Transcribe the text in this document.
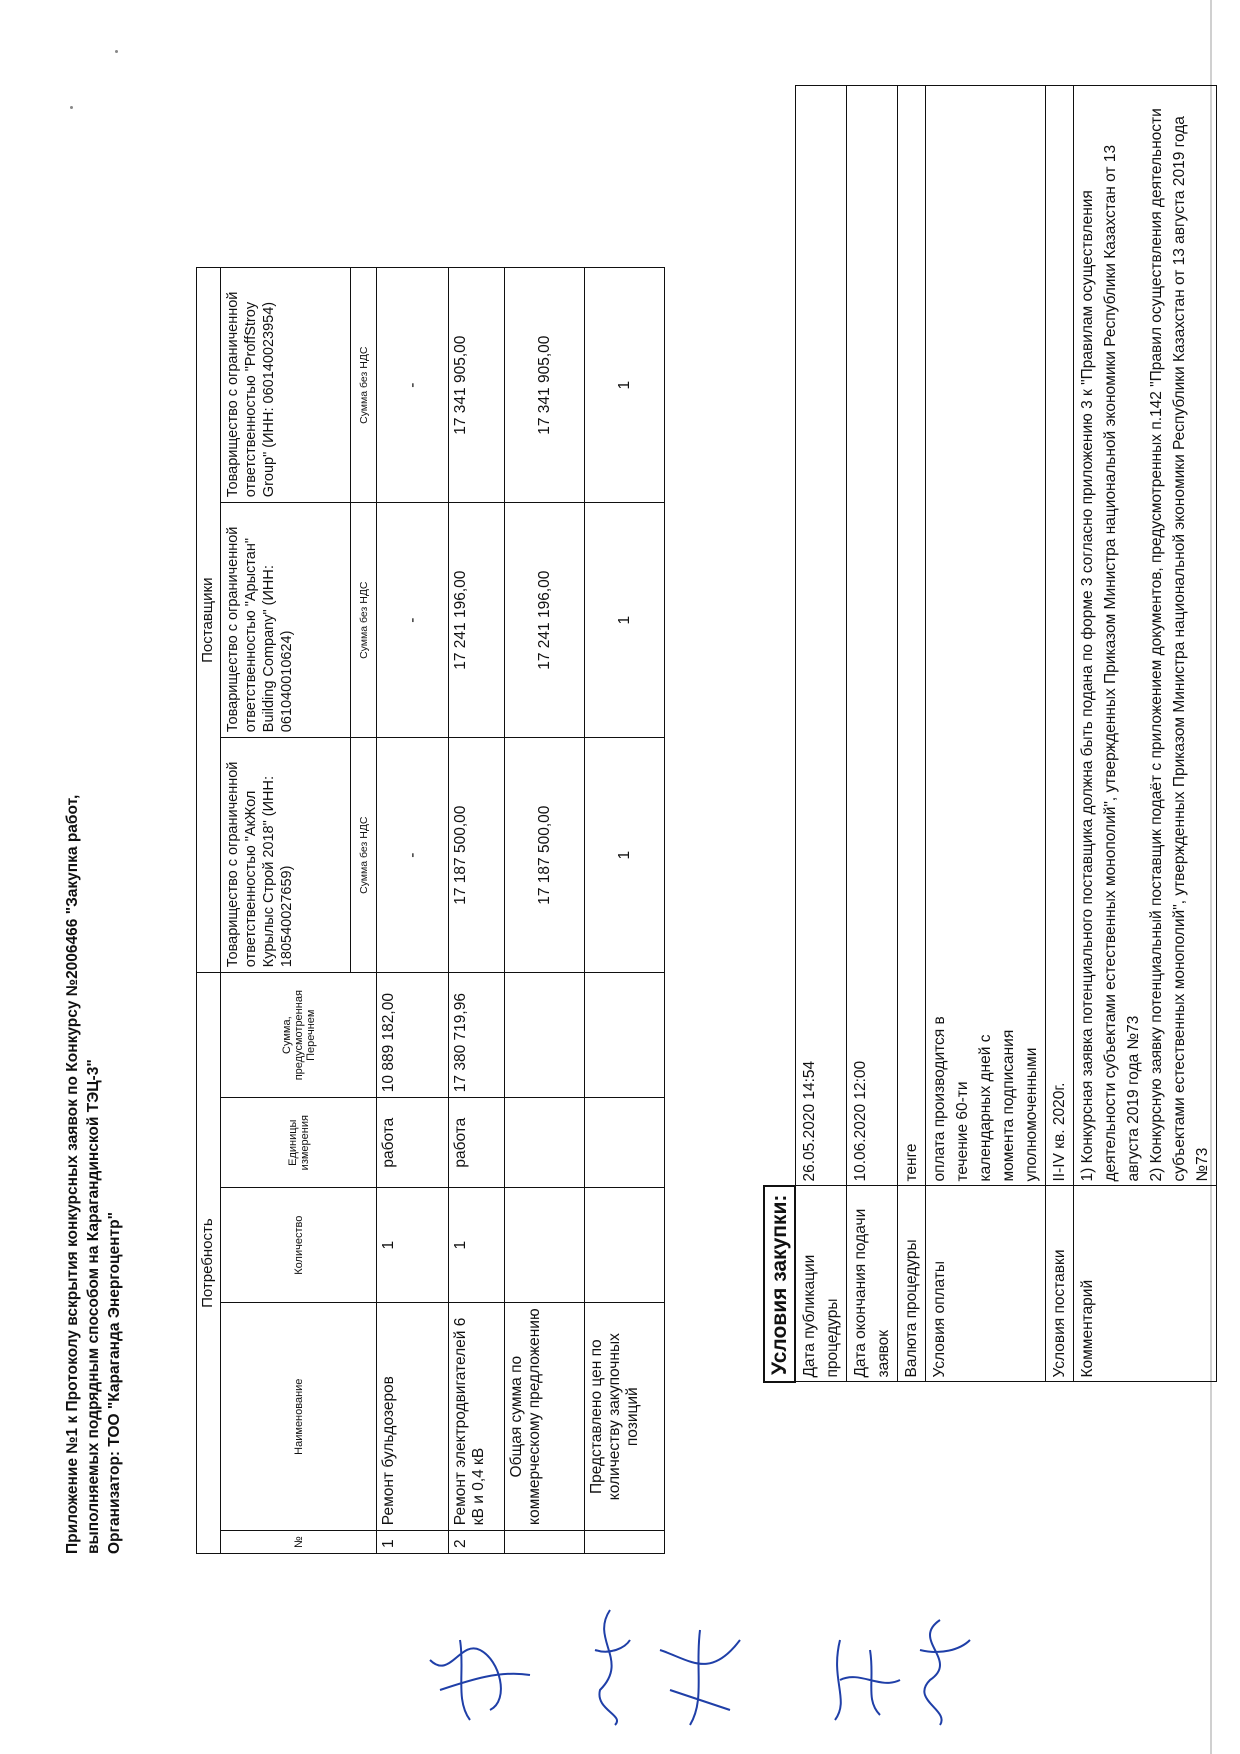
Приложение №1 к Протоколу вскрытия конкурсных заявок по Конкурсу №2006466 "Закупка работ, выполняемых подрядным способом на Карагандинской ТЭЦ-3" Организатор: ТОО "Караганда Энергоцентр"	Потребность					Поставщики		
№	Наименование	Количество	Единицы измерения	Сумма, предусмотренная Перечнем	Товарищество с ограниченной ответственностью "АкЖол Курылыс Строй 2018" (ИНН: 180540027659)	Товарищество с ограниченной ответственностью "Арыстан" Building Company" (ИНН: 061040010624)	Товарищество с ограниченной ответственностью "ProffStroy Group" (ИНН: 060140023954)
					Сумма без НДС	Сумма без НДС	Сумма без НДС
1	Ремонт бульдозеров	1	работа	10 889 182,00	-	-	-
2	Ремонт электродвигателей 6 кВ и 0,4 кВ	1	работа	17 380 719,96	17 187 500,00	17 241 196,00	17 341 905,00
	Общая сумма по коммерческому предложению				17 187 500,00	17 241 196,00	17 341 905,00
	Представлено цен по количеству закупочных позиций				1	1	1
Условия закупки:	
Дата публикации процедуры	26.05.2020 14:54
Дата окончания подачи заявок	10.06.2020 12:00
Валюта процедуры	тенге
Условия оплаты	оплата производится в течение 60-ти календарных дней с момента подписания уполномоченными
Условия поставки	II-IV кв. 2020г.
Комментарий	1) Конкурсная заявка потенциального поставщика должна быть подана по форме 3 согласно приложению 3 к "Правилам осуществления деятельности субъектами естественных монополий", утвержденных Приказом Министра национальной экономики Республики Казахстан от 13 августа 2019 года №73 2) Конкурсную заявку потенциальный поставщик подаёт с приложением документов, предусмотренных п.142 "Правил осуществления деятельности субъектами естественных монополий", утвержденных Приказом Министра национальной экономики Республики Казахстан от 13 августа 2019 года №73
